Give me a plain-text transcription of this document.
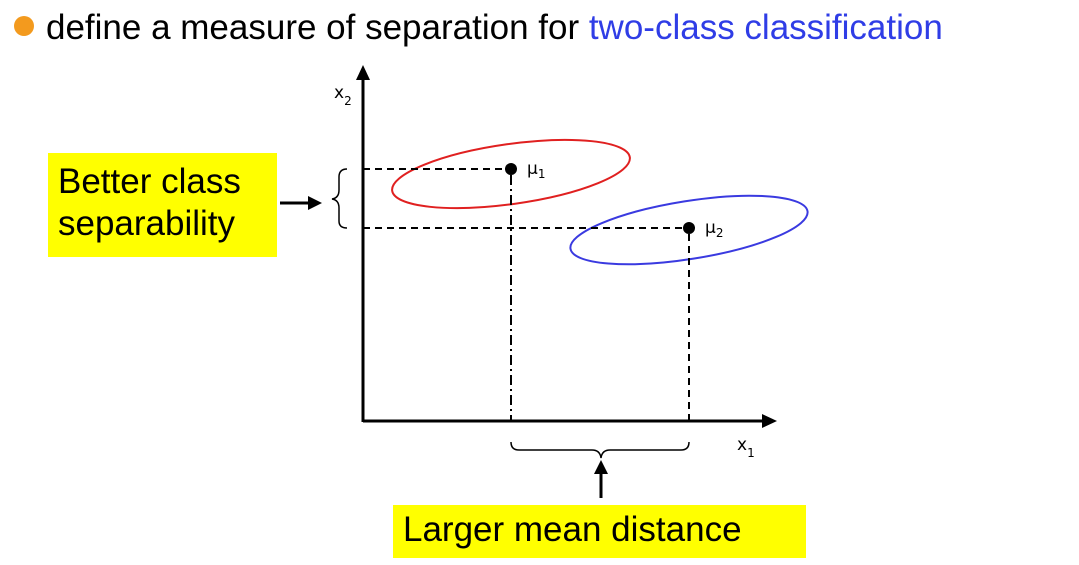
define a measure of separation for two-class classification
$x_2$
$x_1$
$\mu_1$
$\mu_2$
Better class
separability
Larger mean distance
